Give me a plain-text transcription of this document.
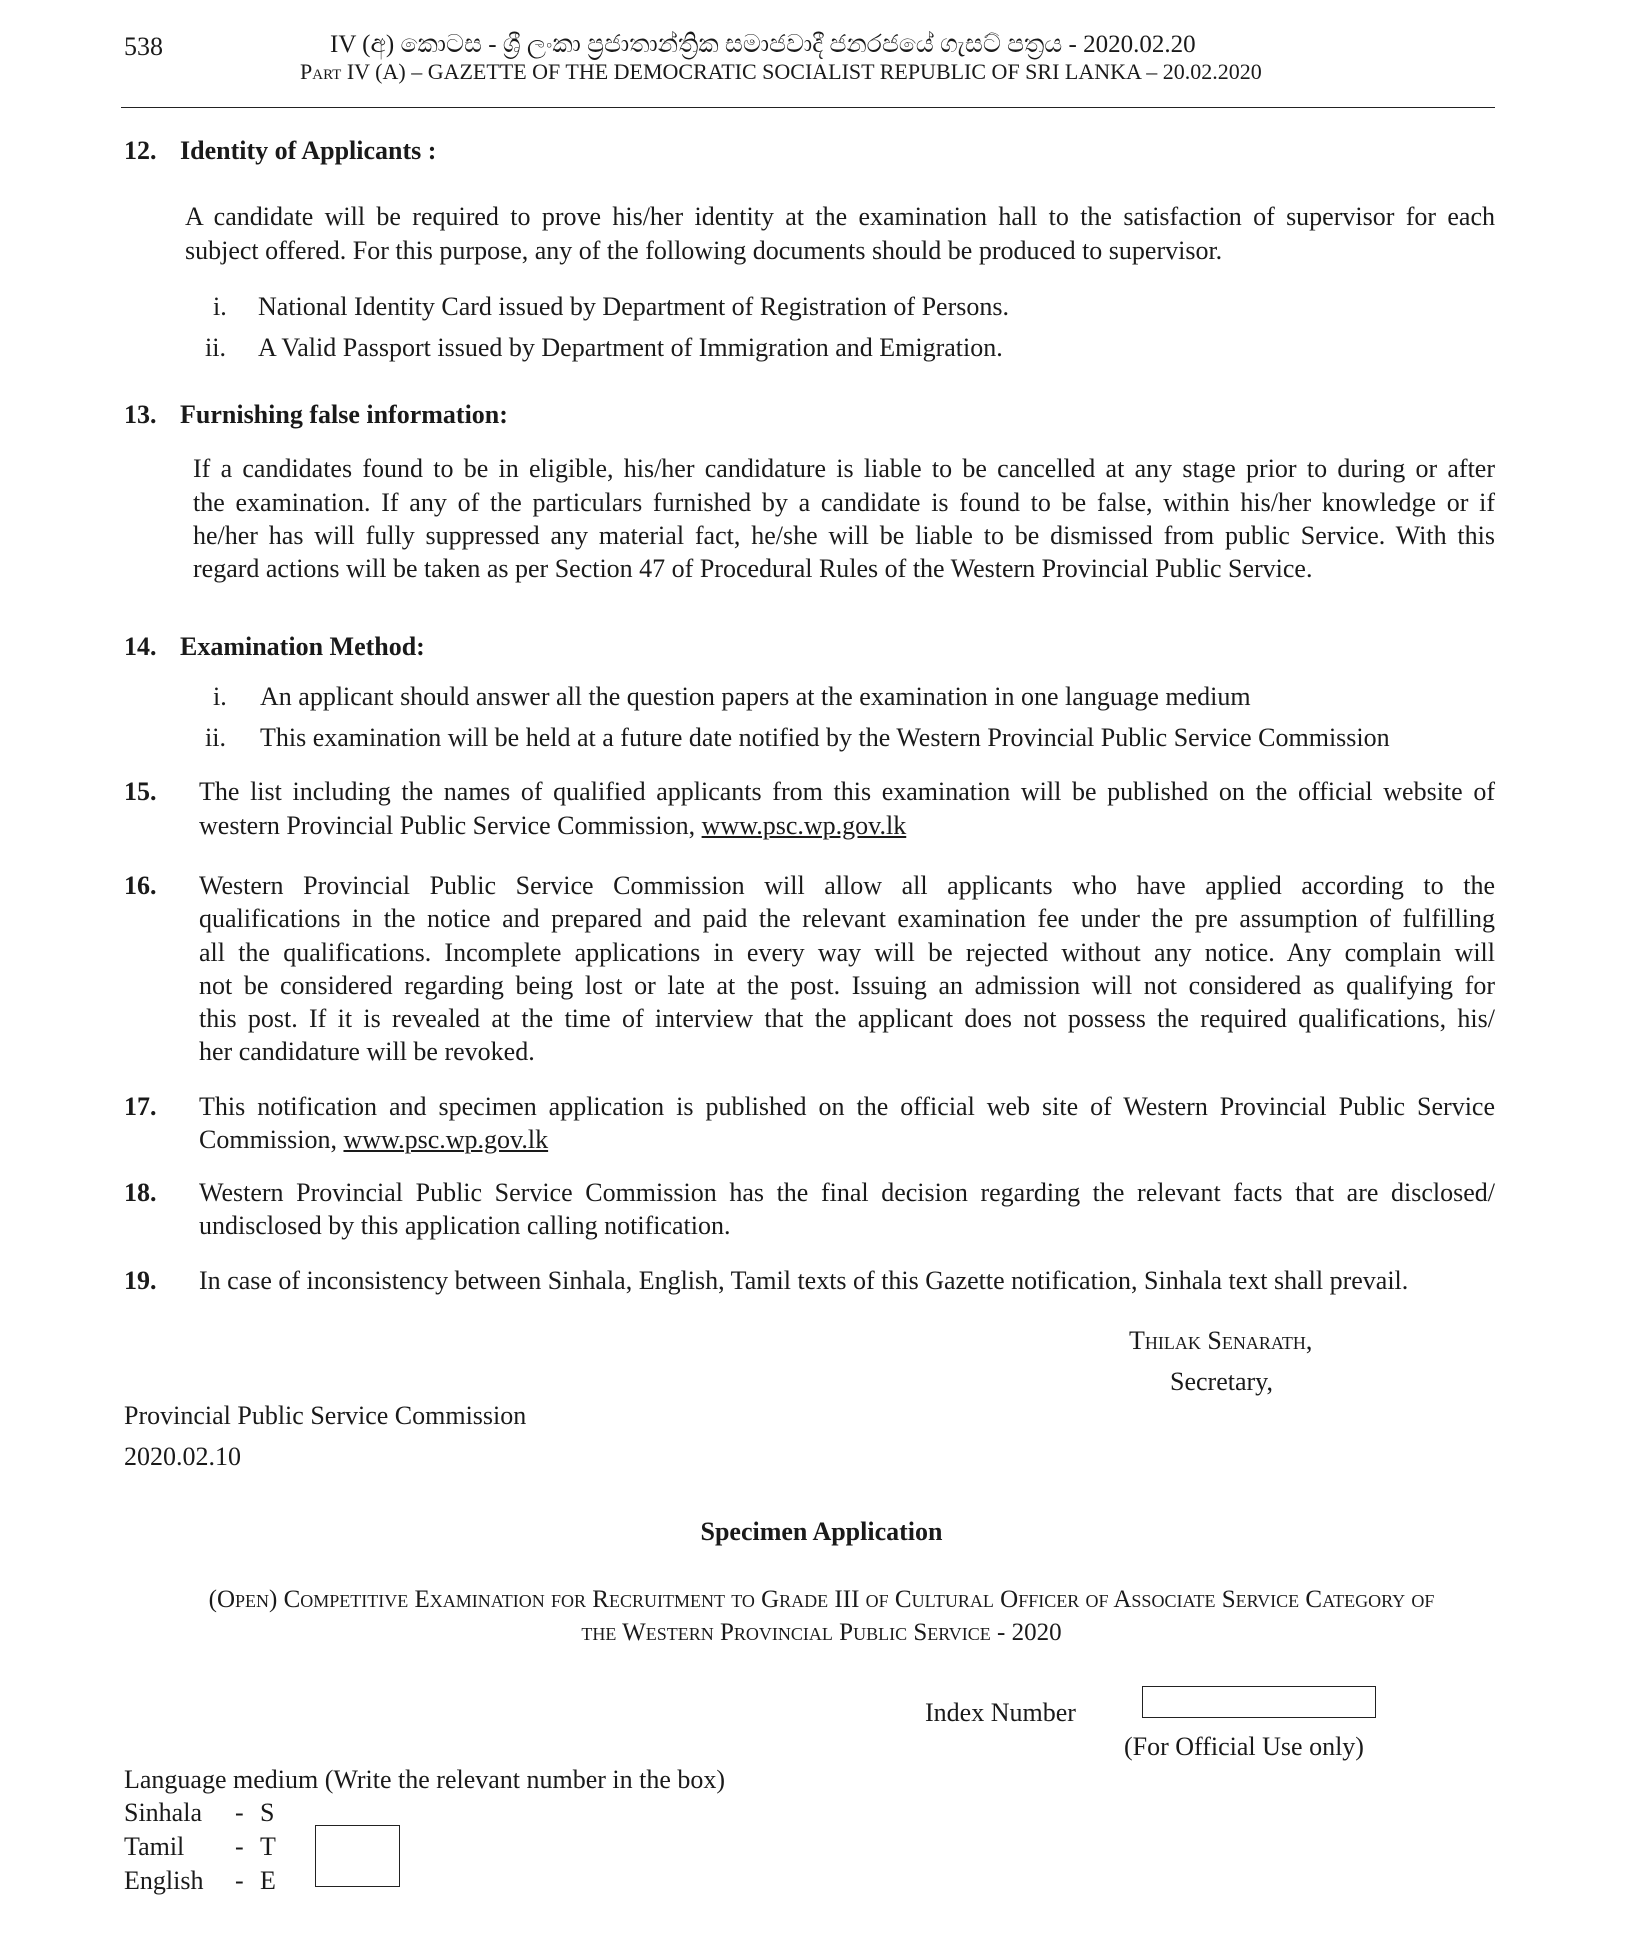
538	IV (අ) කොටස - ශ්‍රී ලංකා ප්‍රජාතාන්ත්‍රික සමාජවාදී ජනරජයේ ගැසට් පත්‍රය - 2020.02.20
Part IV (A) – GAZETTE OF THE DEMOCRATIC SOCIALIST REPUBLIC OF SRI LANKA – 20.02.2020
12. Identity of Applicants :
A candidate will be required to prove his/her identity at the examination hall to the satisfaction of supervisor for each
subject offered. For this purpose, any of the following documents should be produced to supervisor.
i. National Identity Card issued by Department of Registration of Persons.
ii. A Valid Passport issued by Department of Immigration and Emigration.
13. Furnishing false information:
If a candidates found to be in eligible, his/her candidature is liable to be cancelled at any stage prior to during or after
the examination. If any of the particulars furnished by a candidate is found to be false, within his/her knowledge or if
he/her has will fully suppressed any material fact, he/she will be liable to be dismissed from public Service. With this
regard actions will be taken as per Section 47 of Procedural Rules of the Western Provincial Public Service.
14. Examination Method:
i. An applicant should answer all the question papers at the examination in one language medium
ii. This examination will be held at a future date notified by the Western Provincial Public Service Commission
15. The list including the names of qualified applicants from this examination will be published on the official website of
western Provincial Public Service Commission, www.psc.wp.gov.lk
16. Western Provincial Public Service Commission will allow all applicants who have applied according to the
qualifications in the notice and prepared and paid the relevant examination fee under the pre assumption of fulfilling
all the qualifications. Incomplete applications in every way will be rejected without any notice. Any complain will
not be considered regarding being lost or late at the post. Issuing an admission will not considered as qualifying for
this post. If it is revealed at the time of interview that the applicant does not possess the required qualifications, his/
her candidature will be revoked.
17. This notification and specimen application is published on the official web site of Western Provincial Public Service
Commission, www.psc.wp.gov.lk
18. Western Provincial Public Service Commission has the final decision regarding the relevant facts that are disclosed/
undisclosed by this application calling notification.
19. In case of inconsistency between Sinhala, English, Tamil texts of this Gazette notification, Sinhala text shall prevail.
Thilak Senarath,
Secretary,
Provincial Public Service Commission
2020.02.10
Specimen Application
(Open) Competitive Examination for Recruitment to Grade III of Cultural Officer of Associate Service Category of
the Western Provincial Public Service - 2020
Index Number
(For Official Use only)
Language medium (Write the relevant number in the box)
Sinhala - S
Tamil - T
English - E
